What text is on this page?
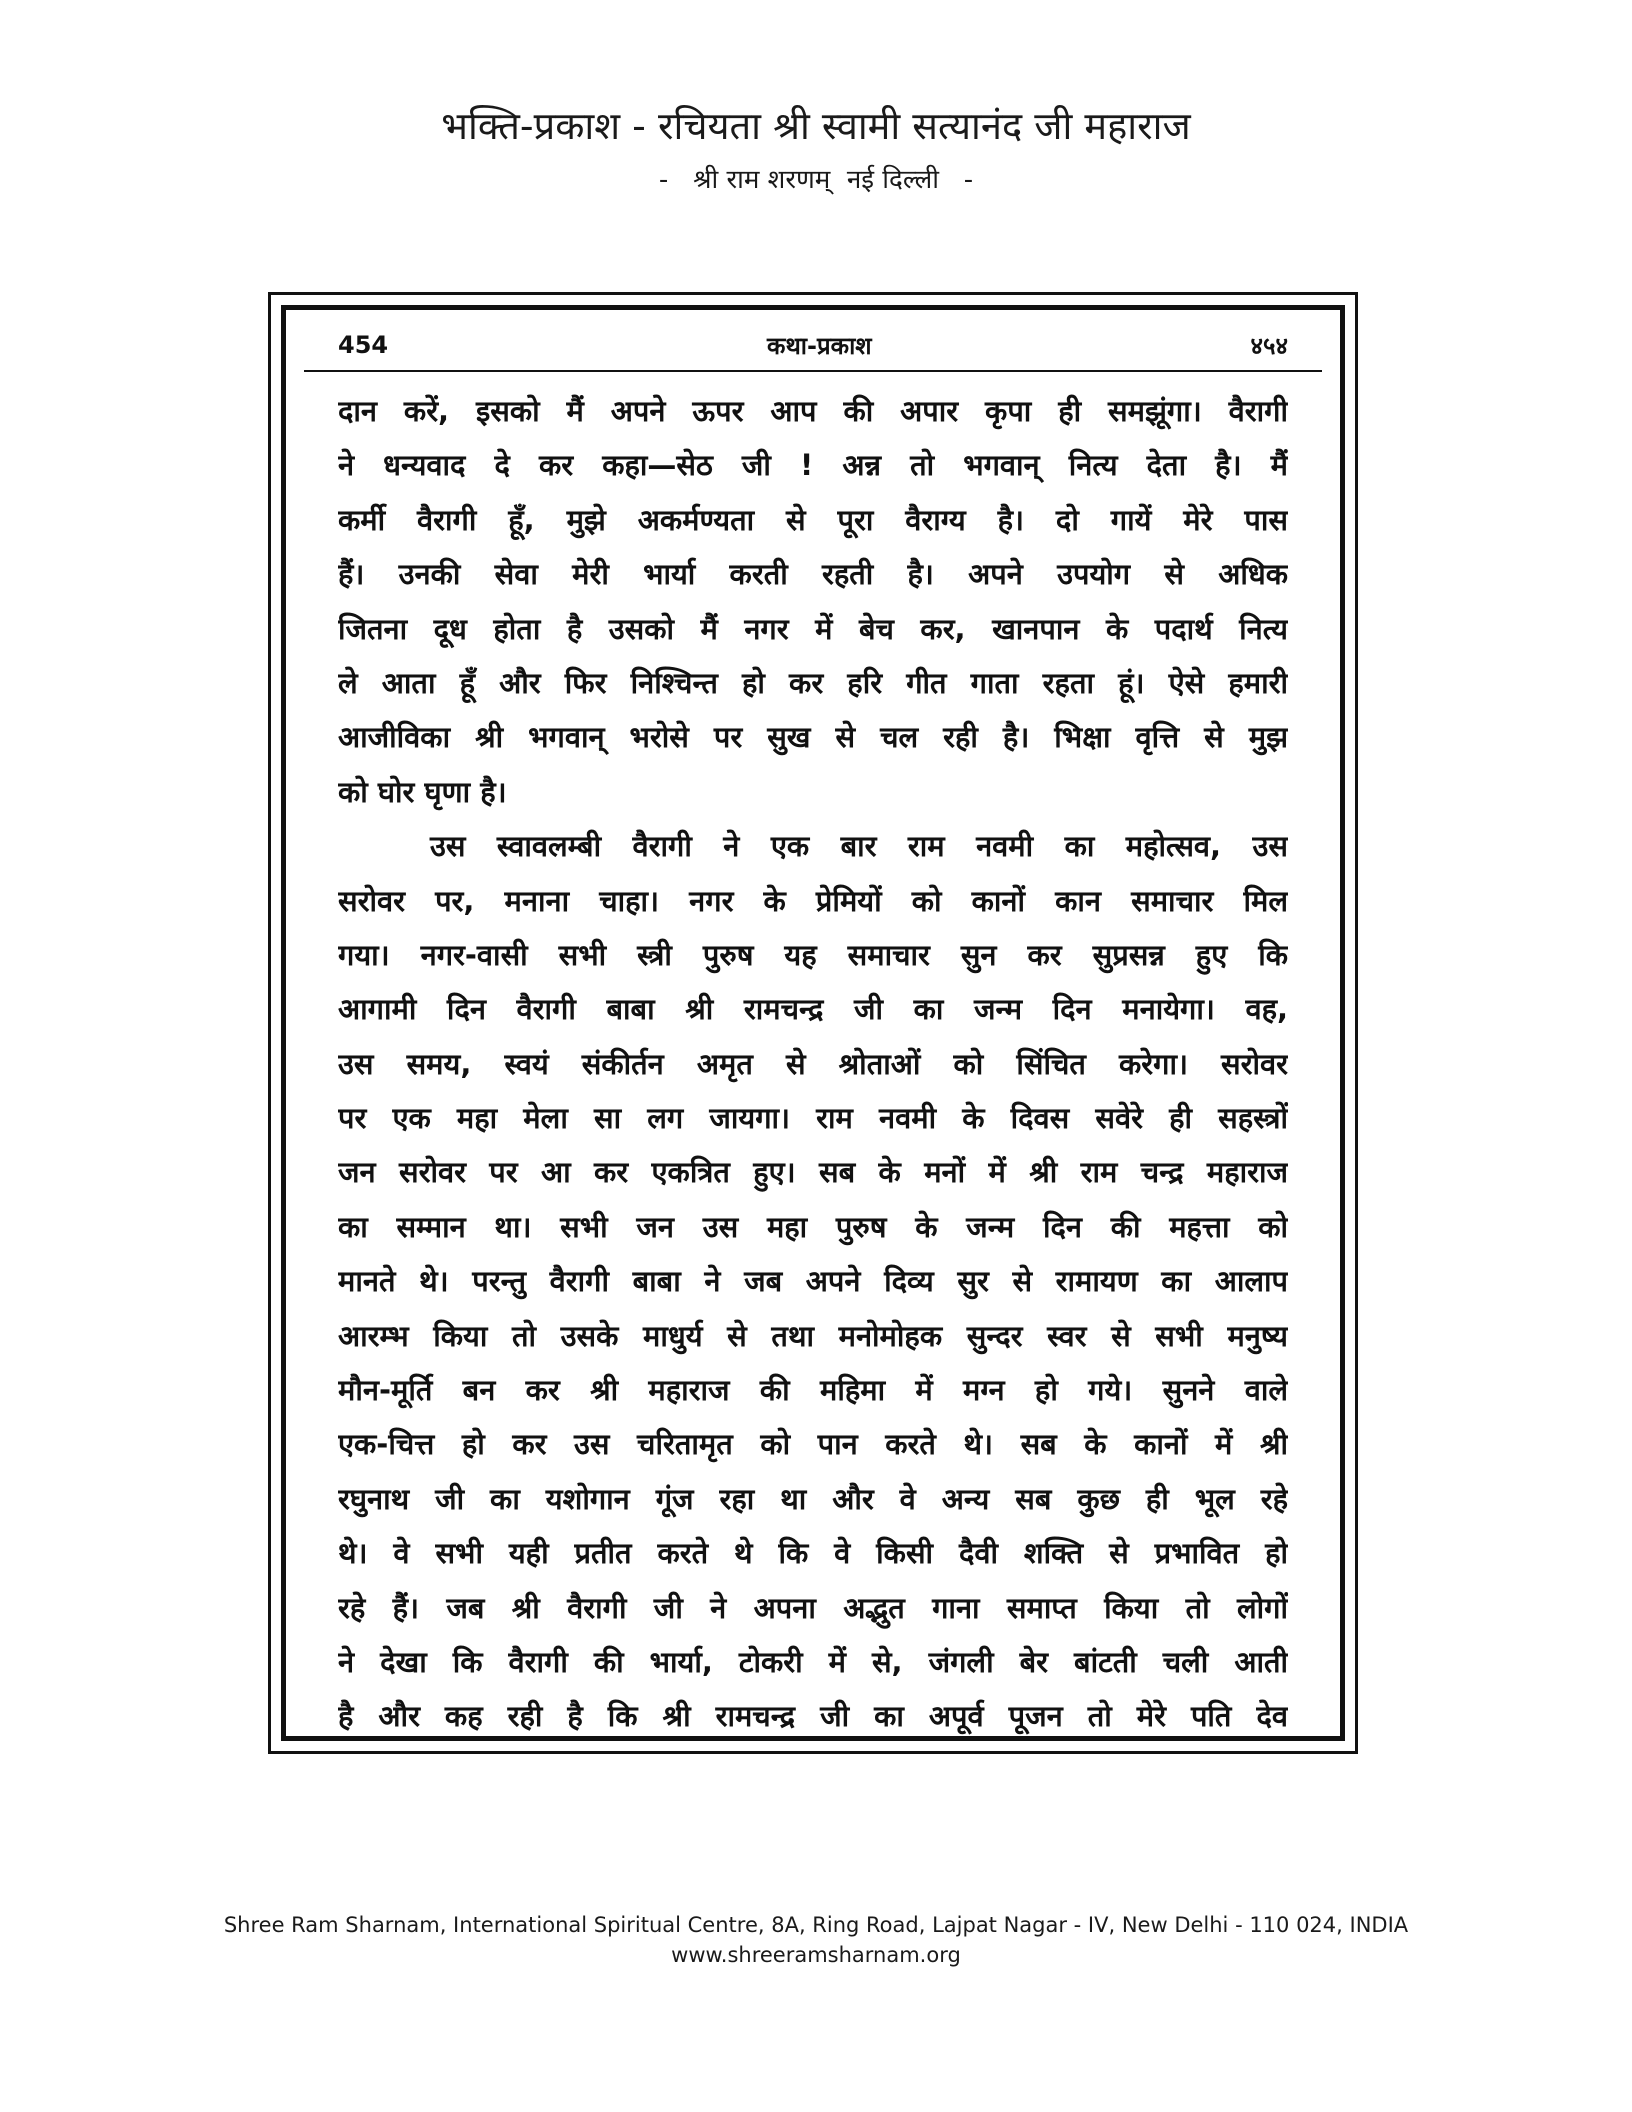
भक्ति-प्रकाश - रचियता श्री स्वामी सत्यानंद जी महाराज
-   श्री राम शरणम्  नई दिल्ली   -
454	कथा-प्रकाश	४५४
दान करें, इसको मैं अपने ऊपर आप की अपार कृपा ही समझूंगा। वैरागी
ने धन्यवाद दे कर कहा—सेठ जी ! अन्न तो भगवान् नित्य देता है। मैं
कर्मी वैरागी हूँ, मुझे अकर्मण्यता से पूरा वैराग्य है। दो गायें मेरे पास
हैं। उनकी सेवा मेरी भार्या करती रहती है। अपने उपयोग से अधिक
जितना दूध होता है उसको मैं नगर में बेच कर, खानपान के पदार्थ नित्य
ले आता हूँ और फिर निश्चिन्त हो कर हरि गीत गाता रहता हूं। ऐसे हमारी
आजीविका श्री भगवान् भरोसे पर सुख से चल रही है। भिक्षा वृत्ति से मुझ
को घोर घृणा है।
उस स्वावलम्बी वैरागी ने एक बार राम नवमी का महोत्सव, उस
सरोवर पर, मनाना चाहा। नगर के प्रेमियों को कानों कान समाचार मिल
गया। नगर-वासी सभी स्त्री पुरुष यह समाचार सुन कर सुप्रसन्न हुए कि
आगामी दिन वैरागी बाबा श्री रामचन्द्र जी का जन्म दिन मनायेगा। वह,
उस समय, स्वयं संकीर्तन अमृत से श्रोताओं को सिंचित करेगा। सरोवर
पर एक महा मेला सा लग जायगा। राम नवमी के दिवस सवेरे ही सहस्त्रों
जन सरोवर पर आ कर एकत्रित हुए। सब के मनों में श्री राम चन्द्र महाराज
का सम्मान था। सभी जन उस महा पुरुष के जन्म दिन की महत्ता को
मानते थे। परन्तु वैरागी बाबा ने जब अपने दिव्य सुर से रामायण का आलाप
आरम्भ किया तो उसके माधुर्य से तथा मनोमोहक सुन्दर स्वर से सभी मनुष्य
मौन-मूर्ति बन कर श्री महाराज की महिमा में मग्न हो गये। सुनने वाले
एक-चित्त हो कर उस चरितामृत को पान करते थे। सब के कानों में श्री
रघुनाथ जी का यशोगान गूंज रहा था और वे अन्य सब कुछ ही भूल रहे
थे। वे सभी यही प्रतीत करते थे कि वे किसी दैवी शक्ति से प्रभावित हो
रहे हैं। जब श्री वैरागी जी ने अपना अद्भुत गाना समाप्त किया तो लोगों
ने देखा कि वैरागी की भार्या, टोकरी में से, जंगली बेर बांटती चली आती
है और कह रही है कि श्री रामचन्द्र जी का अपूर्व पूजन तो मेरे पति देव
Shree Ram Sharnam, International Spiritual Centre, 8A, Ring Road, Lajpat Nagar - IV, New Delhi - 110 024, INDIA
www.shreeramsharnam.org
